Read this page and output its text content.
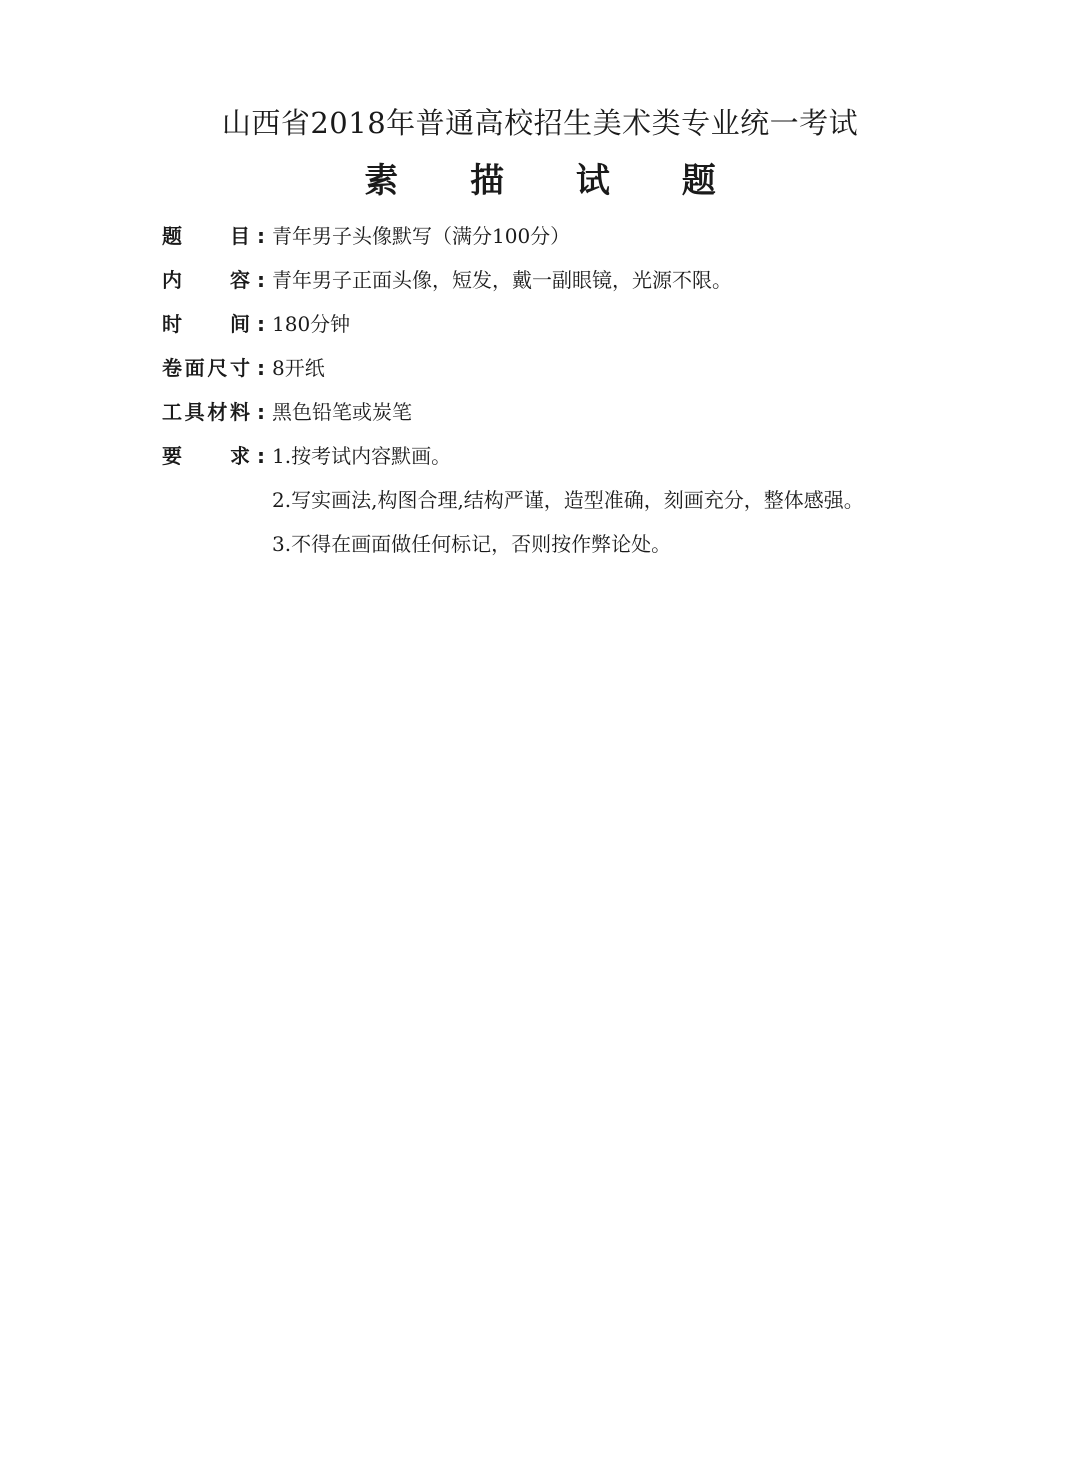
山西省2018年普通高校招生美术类专业统一考试
素 描 试 题
题目 : 青年男子头像默写（满分100分）
内容 : 青年男子正面头像，短发，戴一副眼镜，光源不限。
时间 : 180分钟
卷面尺寸 : 8开纸
工具材料 : 黑色铅笔或炭笔
要求 : 1.按考试内容默画。
2.写实画法,构图合理,结构严谨，造型准确，刻画充分，整体感强。
3.不得在画面做任何标记，否则按作弊论处。
